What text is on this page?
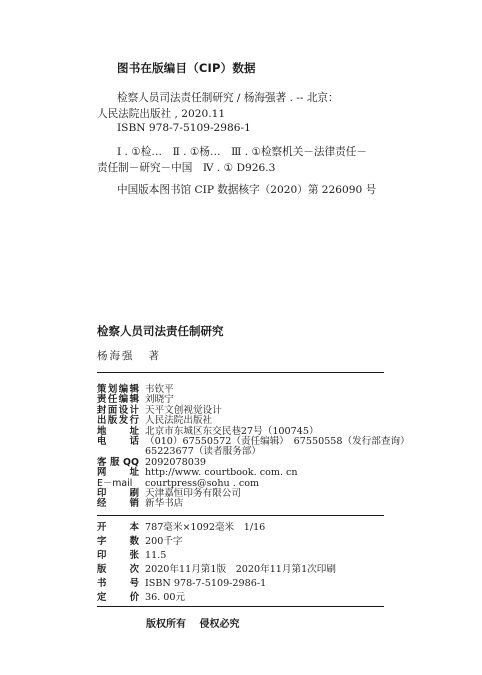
图书在版编目（CIP）数据
检察人员司法责任制研究 / 杨海强著 . -- 北京：
人民法院出版社 , 2020.11
ISBN 978-7-5109-2986-1
Ⅰ . ①检…　Ⅱ . ①杨…　Ⅲ . ①检察机关－法律责任－
责任制－研究－中国　Ⅳ . ① D926.3
中国版本图书馆 CIP 数据核字（2020）第 226090 号
检察人员司法责任制研究
杨海强 著
策划编辑 韦钦平
责任编辑 刘晓宁
封面设计 天平文创视觉设计
出版发行 人民法院出版社
地址 北京市东城区东交民巷27号（100745）
电话 （010）67550572（责任编辑）　67550558（发行部查询）
65223677（读者服务部）
客服QQ 2092078039
网址 http://www. courtbook. com. cn
E－mail courtpress@sohu . com
印刷 天津嘉恒印务有限公司
经销 新华书店
开本 787毫米×1092毫米　1/16
字数 200千字
印张 11.5
版次 2020年11月第1版　2020年11月第1次印刷
书号 ISBN 978-7-5109-2986-1
定价 36. 00元
版权所有 侵权必究
